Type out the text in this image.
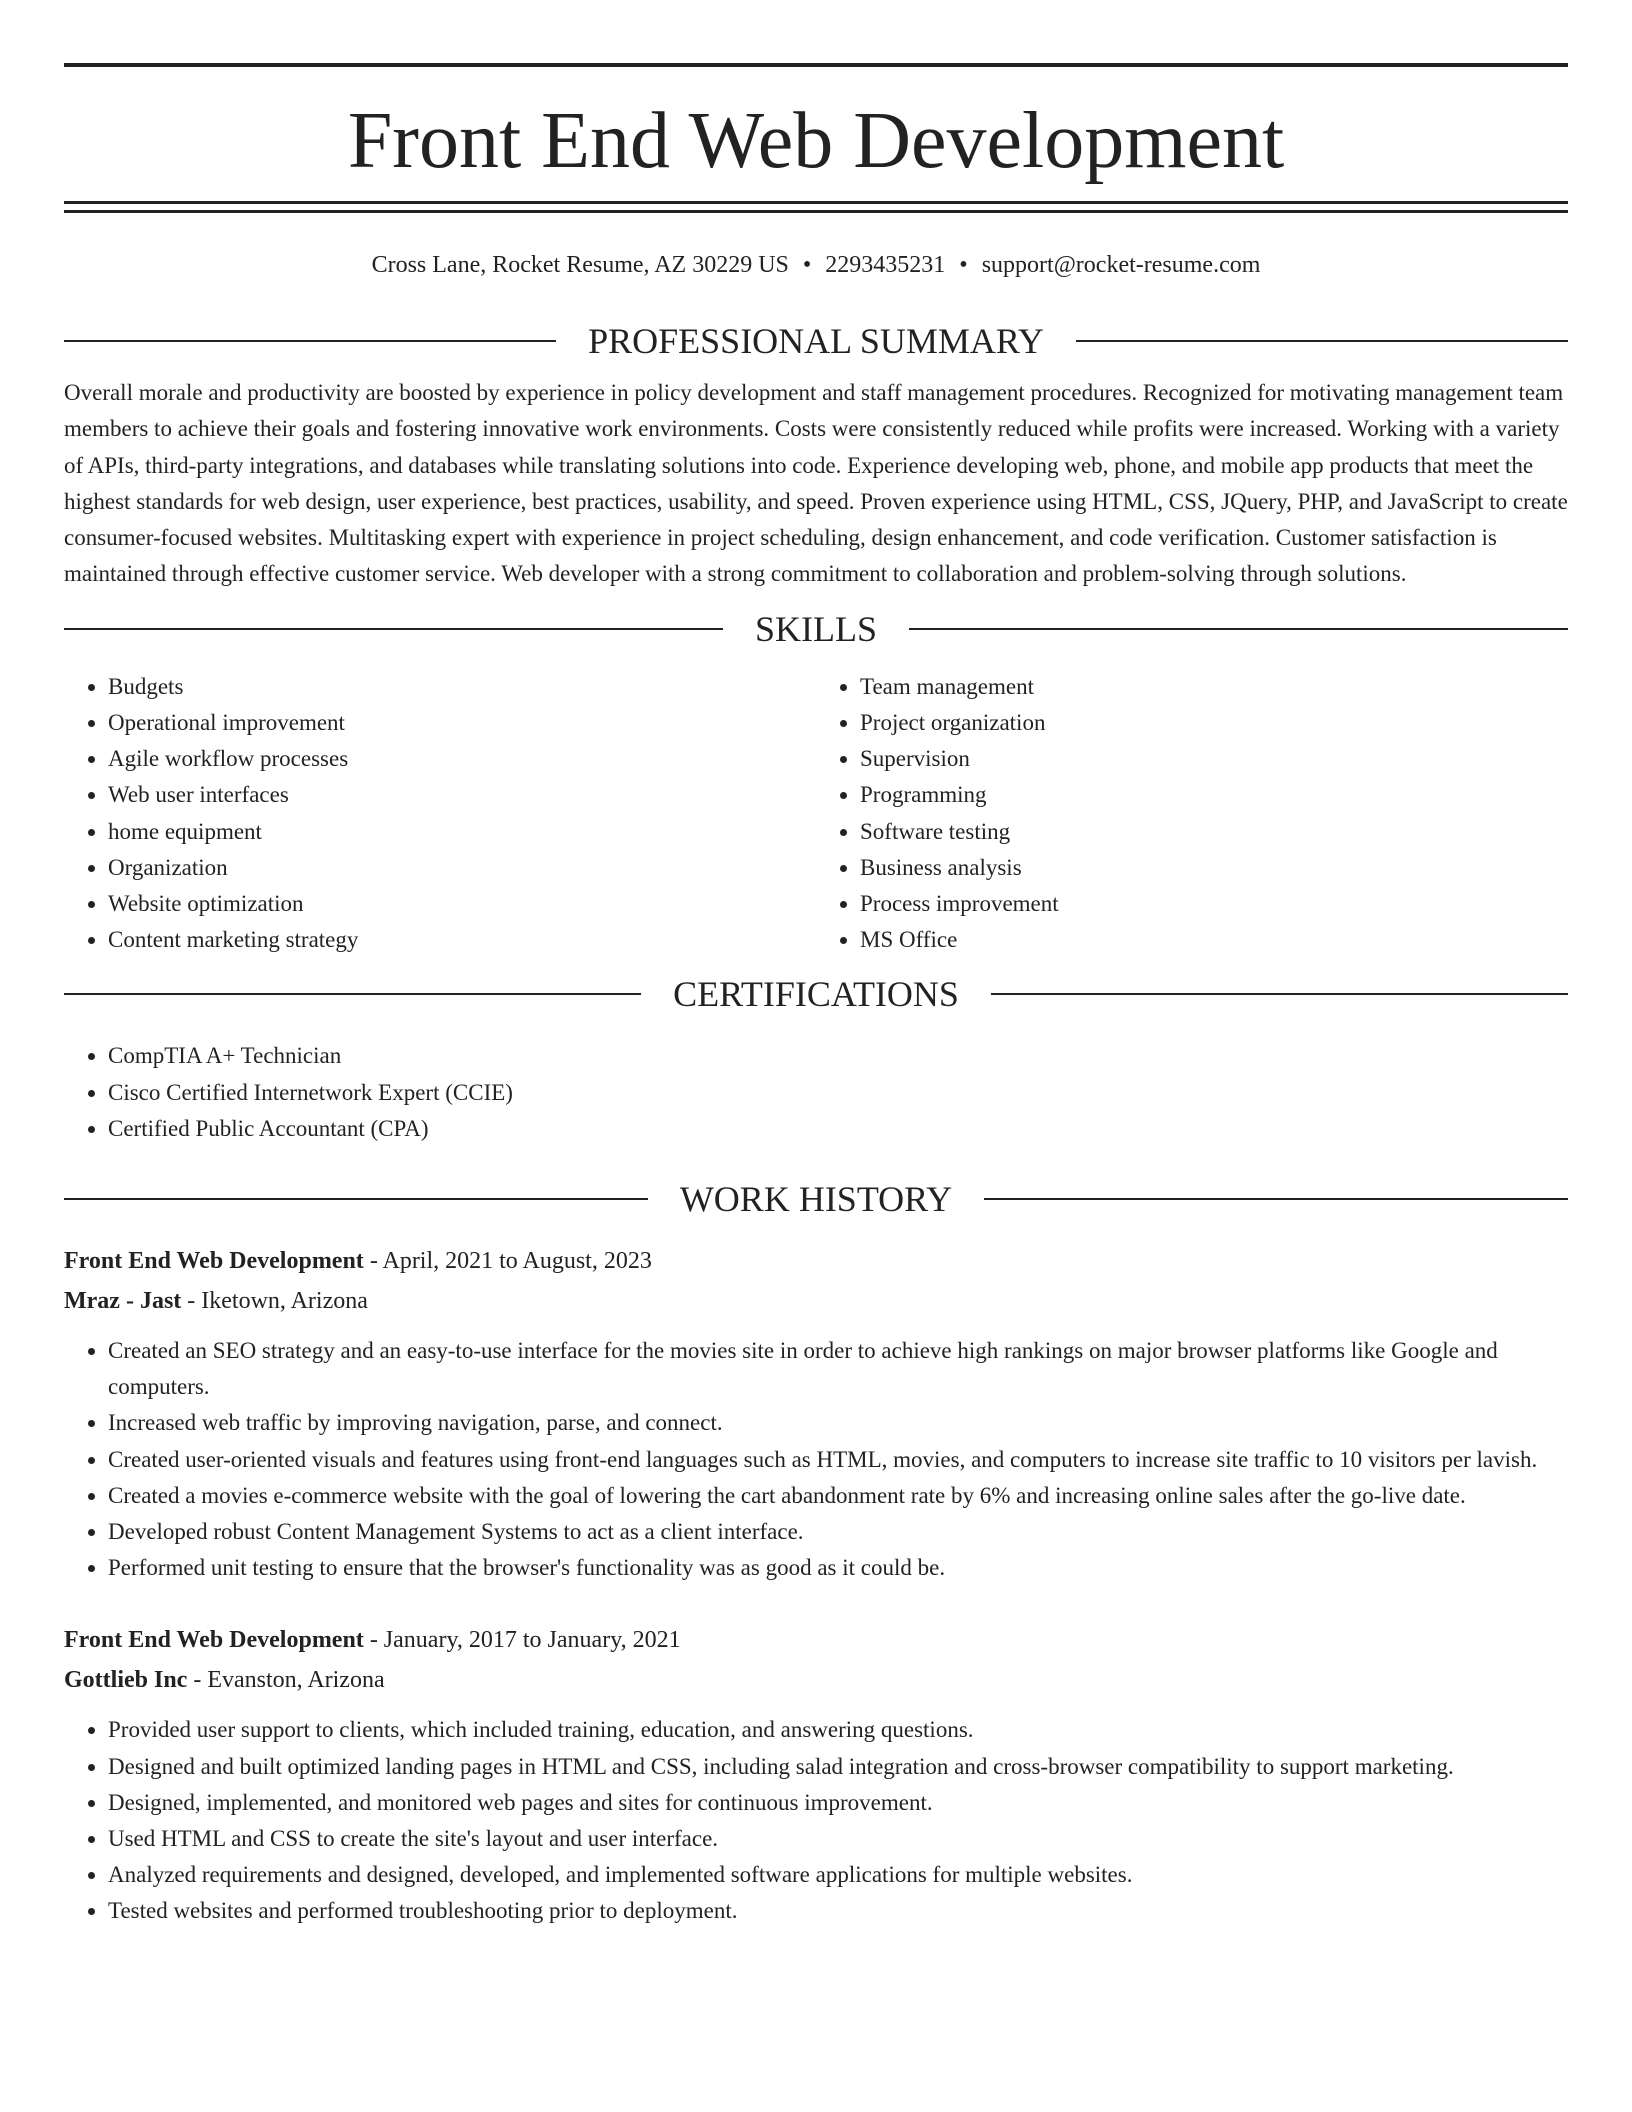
Front End Web Development
Cross Lane, Rocket Resume, AZ 30229 US • 2293435231 • support@rocket-resume.com
PROFESSIONAL SUMMARY

Overall morale and productivity are boosted by experience in policy development and staff management procedures. Recognized for motivating management team members to achieve their goals and fostering innovative work environments. Costs were consistently reduced while profits were increased. Working with a variety of APIs, third-party integrations, and databases while translating solutions into code. Experience developing web, phone, and mobile app products that meet the highest standards for web design, user experience, best practices, usability, and speed. Proven experience using HTML, CSS, JQuery, PHP, and JavaScript to create consumer-focused websites. Multitasking expert with experience in project scheduling, design enhancement, and code verification. Customer satisfaction is maintained through effective customer service. Web developer with a strong commitment to collaboration and problem-solving through solutions.

SKILLS
• Budgets
• Operational improvement
• Agile workflow processes
• Web user interfaces
• home equipment
• Organization
• Website optimization
• Content marketing strategy
• Team management
• Project organization
• Supervision
• Programming
• Software testing
• Business analysis
• Process improvement
• MS Office
CERTIFICATIONS
• CompTIA A+ Technician
• Cisco Certified Internetwork Expert (CCIE)
• Certified Public Accountant (CPA)
WORK HISTORY
Front End Web Development - April, 2021 to August, 2023
Mraz - Jast - Iketown, Arizona
• Created an SEO strategy and an easy-to-use interface for the movies site in order to achieve high rankings on major browser platforms like Google and computers.
• Increased web traffic by improving navigation, parse, and connect.
• Created user-oriented visuals and features using front-end languages such as HTML, movies, and computers to increase site traffic to 10 visitors per lavish.
• Created a movies e-commerce website with the goal of lowering the cart abandonment rate by 6% and increasing online sales after the go-live date.
• Developed robust Content Management Systems to act as a client interface.
• Performed unit testing to ensure that the browser's functionality was as good as it could be.
Front End Web Development - January, 2017 to January, 2021
Gottlieb Inc - Evanston, Arizona
• Provided user support to clients, which included training, education, and answering questions.
• Designed and built optimized landing pages in HTML and CSS, including salad integration and cross-browser compatibility to support marketing.
• Designed, implemented, and monitored web pages and sites for continuous improvement.
• Used HTML and CSS to create the site's layout and user interface.
• Analyzed requirements and designed, developed, and implemented software applications for multiple websites.
• Tested websites and performed troubleshooting prior to deployment.
